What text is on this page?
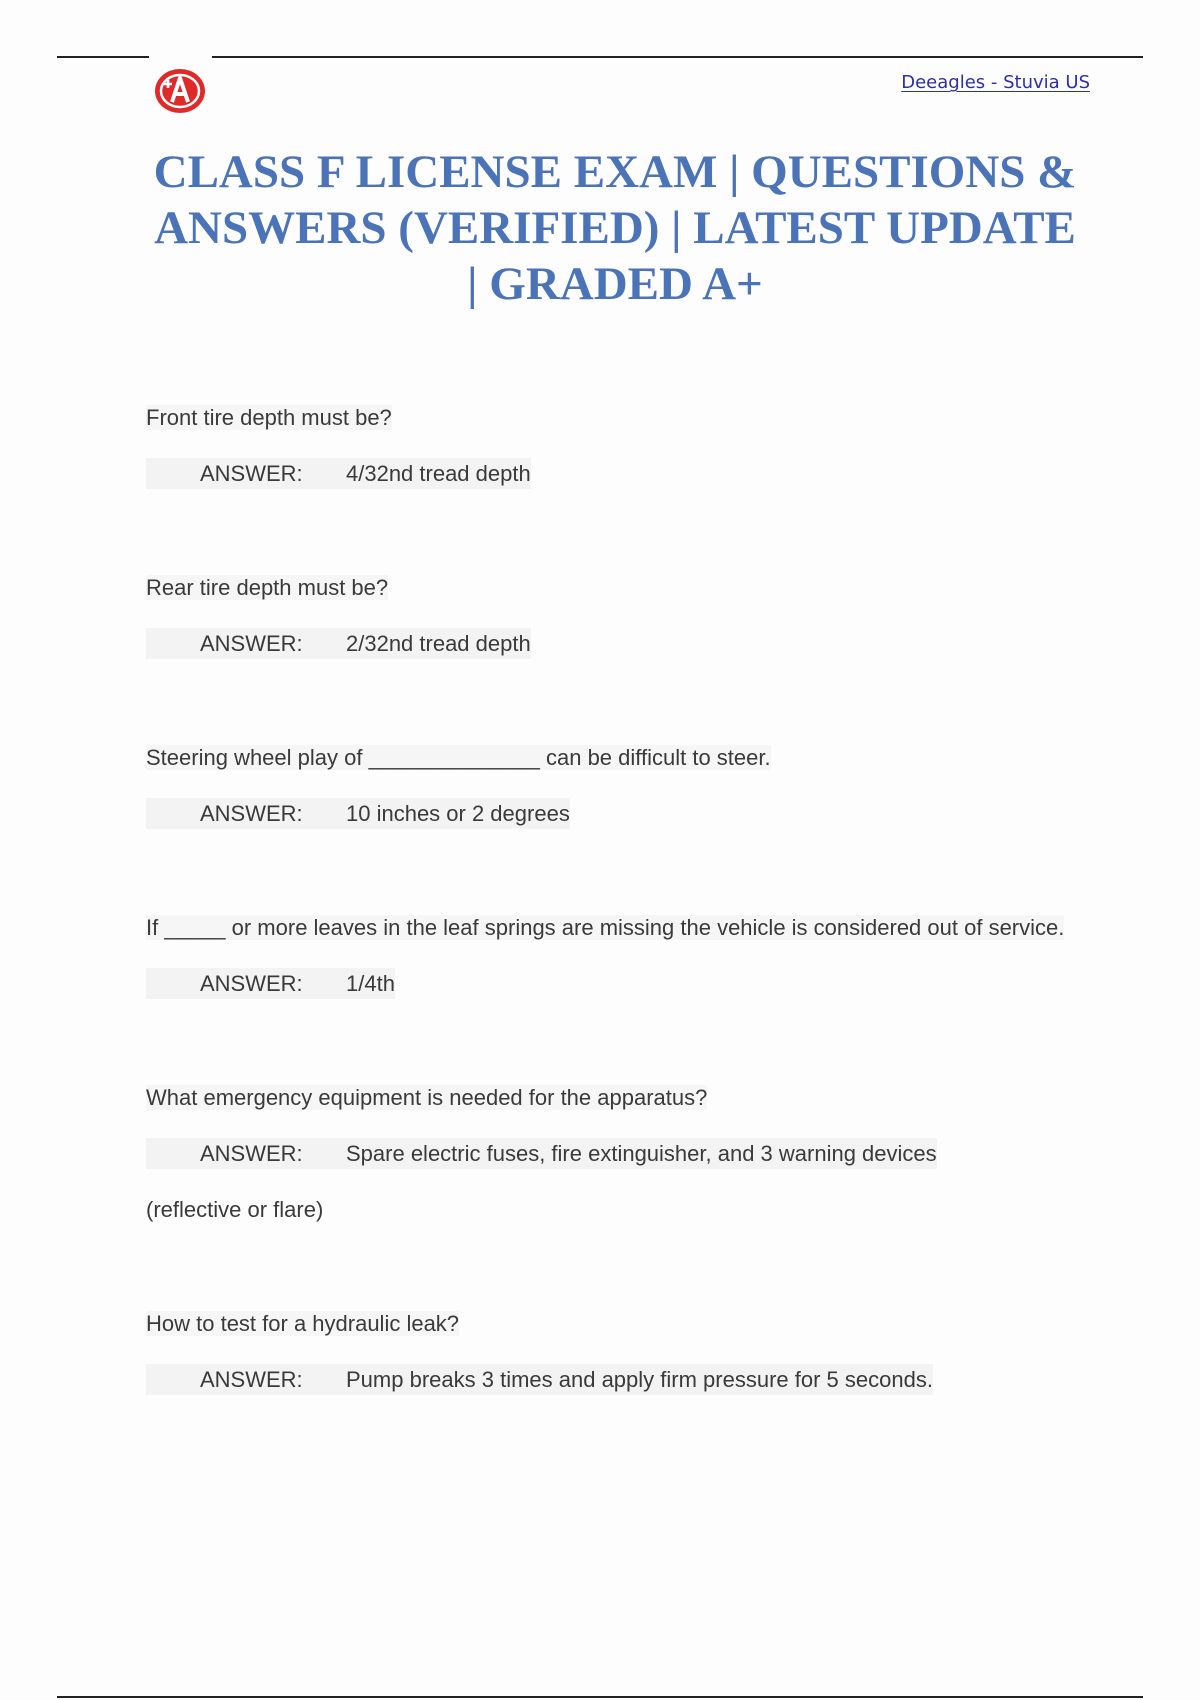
Deeagles - Stuvia US
CLASS F LICENSE EXAM | QUESTIONS & ANSWERS (VERIFIED) | LATEST UPDATE | GRADED A+

Front tire depth must be?

ANSWER: 4/32nd tread depth

Rear tire depth must be?

ANSWER: 2/32nd tread depth

Steering wheel play of ______________ can be difficult to steer.

ANSWER: 10 inches or 2 degrees

If _____ or more leaves in the leaf springs are missing the vehicle is considered out of service.

ANSWER: 1/4th

What emergency equipment is needed for the apparatus?

ANSWER: Spare electric fuses, fire extinguisher, and 3 warning devices

(reflective or flare)

How to test for a hydraulic leak?

ANSWER: Pump breaks 3 times and apply firm pressure for 5 seconds.
